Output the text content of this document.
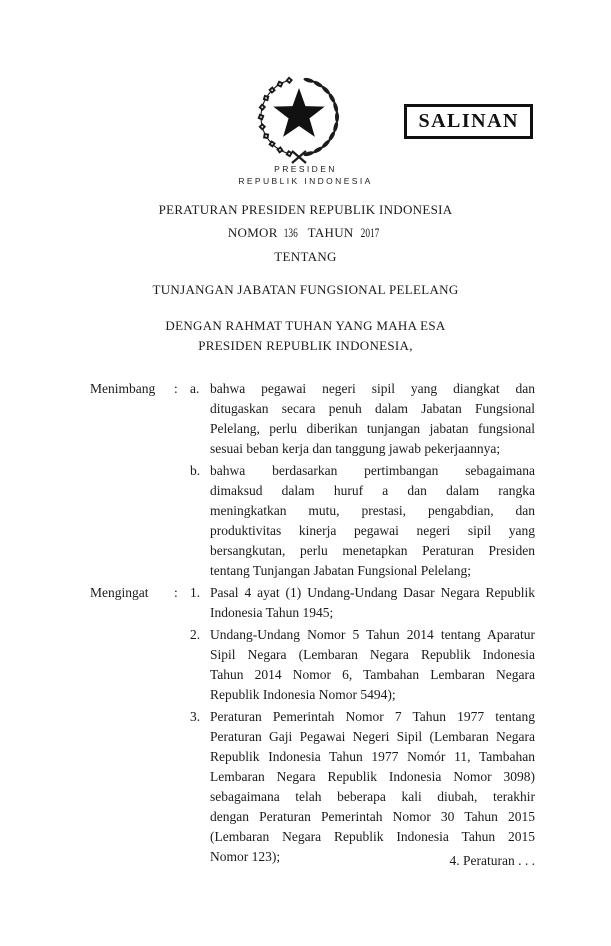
SALINAN
PRESIDEN
REPUBLIK INDONESIA
PERATURAN PRESIDEN REPUBLIK INDONESIA
NOMOR 136 TAHUN 2017
TENTANG
TUNJANGAN JABATAN FUNGSIONAL PELELANG
DENGAN RAHMAT TUHAN YANG MAHA ESA
PRESIDEN REPUBLIK INDONESIA,
Menimbang	: a. bahwa pegawai negeri sipil yang diangkat dan
ditugaskan secara penuh dalam Jabatan Fungsional
Pelelang, perlu diberikan tunjangan jabatan fungsional
sesuai beban kerja dan tanggung jawab pekerjaannya;
b. bahwa berdasarkan pertimbangan sebagaimana
dimaksud dalam huruf a dan dalam rangka
meningkatkan mutu, prestasi, pengabdian, dan
produktivitas kinerja pegawai negeri sipil yang
bersangkutan, perlu menetapkan Peraturan Presiden
tentang Tunjangan Jabatan Fungsional Pelelang;
Mengingat	: 1. Pasal 4 ayat (1) Undang-Undang Dasar Negara Republik
Indonesia Tahun 1945;
2. Undang-Undang Nomor 5 Tahun 2014 tentang Aparatur
Sipil Negara (Lembaran Negara Republik Indonesia
Tahun 2014 Nomor 6, Tambahan Lembaran Negara
Republik Indonesia Nomor 5494);
3. Peraturan Pemerintah Nomor 7 Tahun 1977 tentang
Peraturan Gaji Pegawai Negeri Sipil (Lembaran Negara
Republik Indonesia Tahun 1977 Nomór 11, Tambahan
Lembaran Negara Republik Indonesia Nomor 3098)
sebagaimana telah beberapa kali diubah, terakhir
dengan Peraturan Pemerintah Nomor 30 Tahun 2015
(Lembaran Negara Republik Indonesia Tahun 2015
Nomor 123);	4. Peraturan . . .
